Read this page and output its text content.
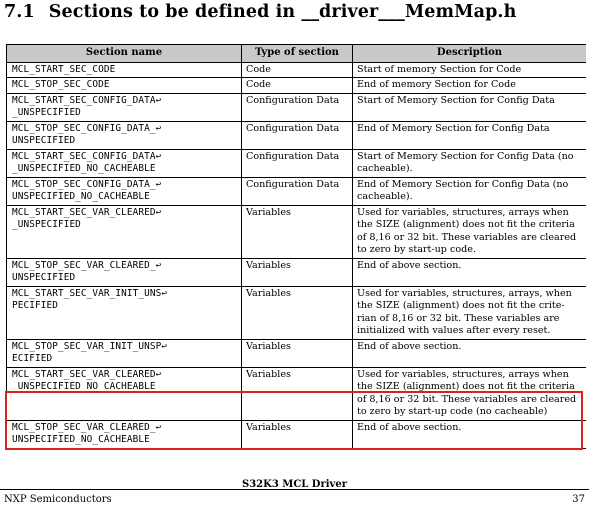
7.1 Sections to be defined in __driver___MemMap.h
Section name	Type of section	Description

MCL_START_SEC_CODE	Code	Start of memory Section for Code

MCL_STOP_SEC_CODE	Code	End of memory Section for Code

MCL_START_SEC_CONFIG_DATA↩
_UNSPECIFIED	Configuration Data	Start of Memory Section for Config Data

MCL_STOP_SEC_CONFIG_DATA_↩
UNSPECIFIED	Configuration Data	End of Memory Section for Config Data

MCL_START_SEC_CONFIG_DATA↩
_UNSPECIFIED_NO_CACHEABLE	Configuration Data	Start of Memory Section for Config Data (no
cacheable).

MCL_STOP_SEC_CONFIG_DATA_↩
UNSPECIFIED_NO_CACHEABLE	Configuration Data	End of Memory Section for Config Data (no
cacheable).

MCL_START_SEC_VAR_CLEARED↩
_UNSPECIFIED	Variables	Used for variables, structures, arrays when
the SIZE (alignment) does not fit the criteria
of 8,16 or 32 bit. These variables are cleared
to zero by start-up code.

MCL_STOP_SEC_VAR_CLEARED_↩
UNSPECIFIED	Variables	End of above section.

MCL_START_SEC_VAR_INIT_UNS↩
PECIFIED	Variables	Used for variables, structures, arrays, when
the SIZE (alignment) does not fit the crite-
rian of 8,16 or 32 bit. These variables are
initialized with values after every reset.

MCL_STOP_SEC_VAR_INIT_UNSP↩
ECIFIED	Variables	End of above section.

MCL_START_SEC_VAR_CLEARED↩
_UNSPECIFIED_NO_CACHEABLE	Variables	Used for variables, structures, arrays when
the SIZE (alignment) does not fit the criteria
of 8,16 or 32 bit. These variables are cleared
to zero by start-up code (no cacheable)

MCL_STOP_SEC_VAR_CLEARED_↩
UNSPECIFIED_NO_CACHEABLE	Variables	End of above section.
S32K3 MCL Driver
NXP Semiconductors	37
